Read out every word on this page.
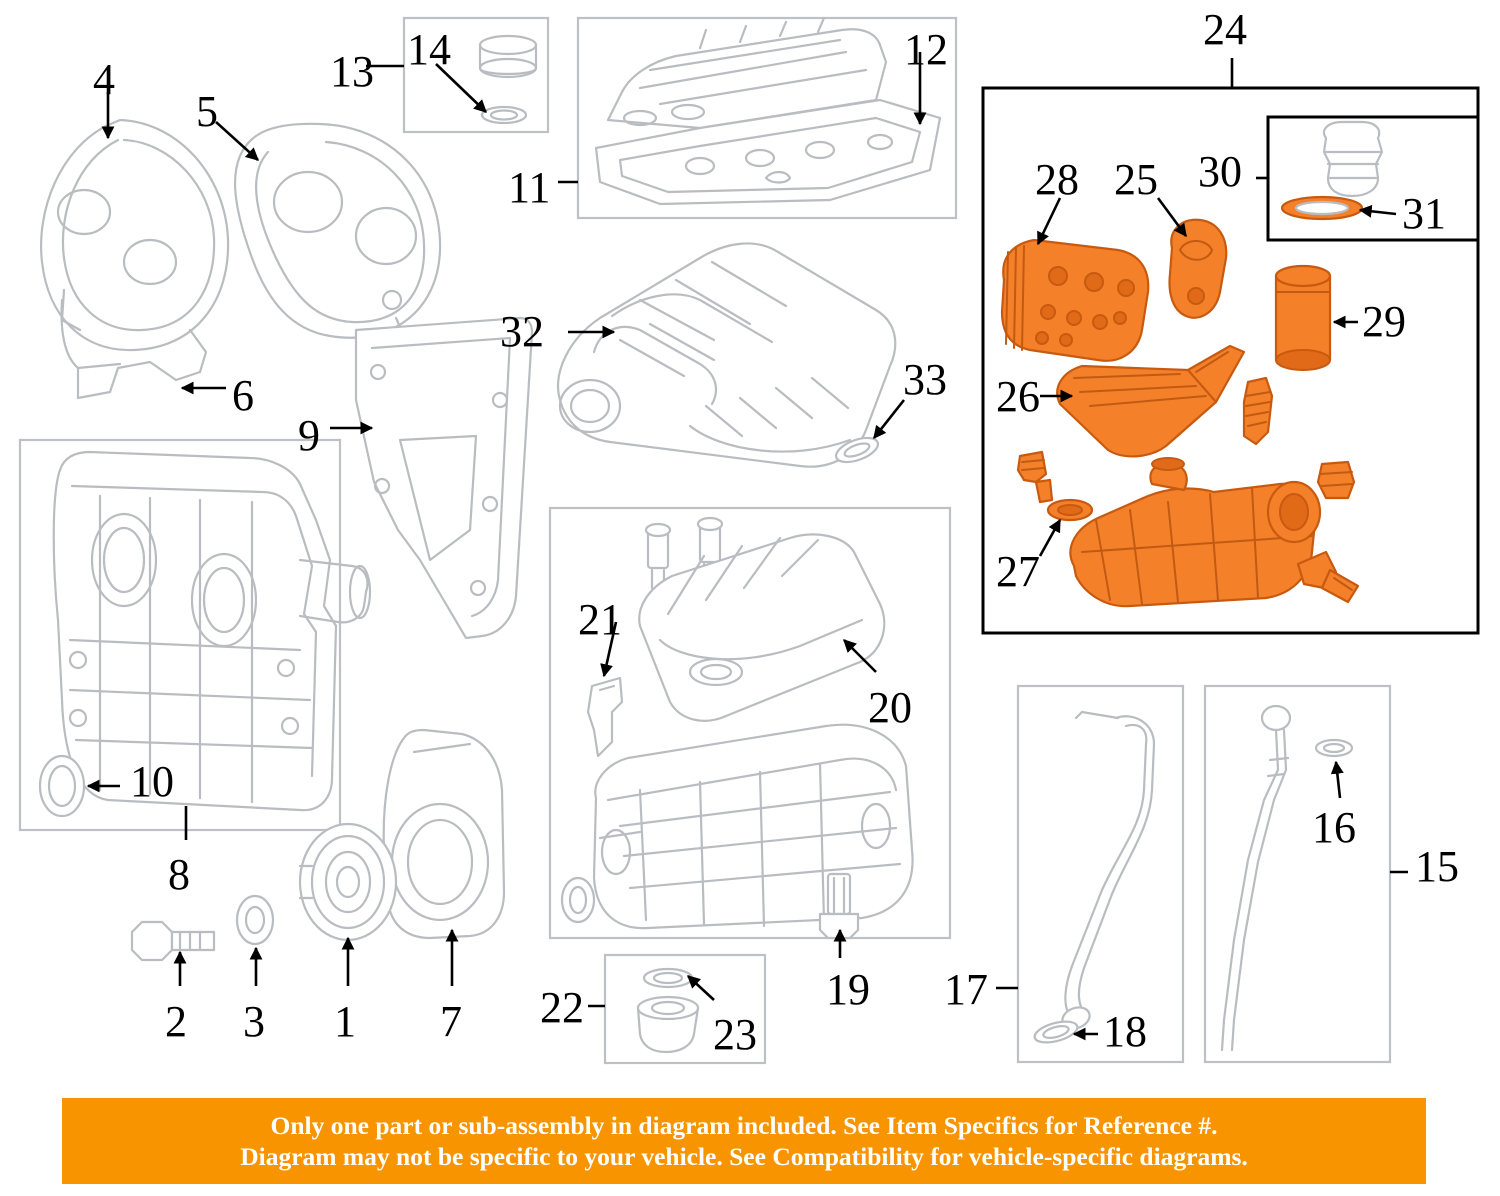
4
5
6
9
10
8
2 3 1 7
13 14
11
12
32
33
21
20
22
23
19 17
18
16
15
24
28 25 30
31
29
26
27
Only one part or sub-assembly in diagram included. See Item Specifics for Reference #.
Diagram may not be specific to your vehicle. See Compatibility for vehicle-specific diagrams.
